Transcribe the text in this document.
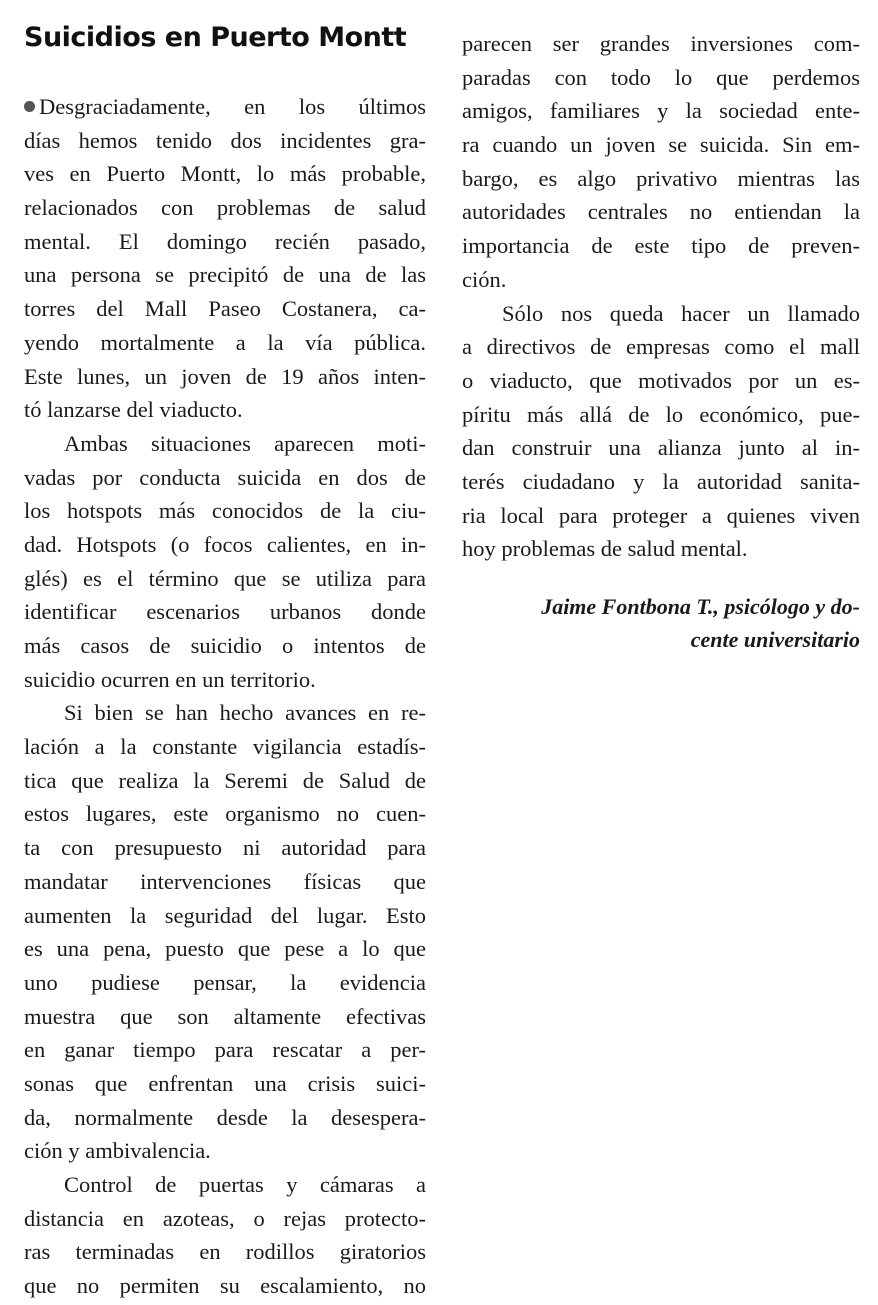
Suicidios en Puerto Montt
Desgraciadamente, en los últimos
días hemos tenido dos incidentes gra-
ves en Puerto Montt, lo más probable,
relacionados con problemas de salud
mental. El domingo recién pasado,
una persona se precipitó de una de las
torres del Mall Paseo Costanera, ca-
yendo mortalmente a la vía pública.
Este lunes, un joven de 19 años inten-
tó lanzarse del viaducto.
Ambas situaciones aparecen moti-
vadas por conducta suicida en dos de
los hotspots más conocidos de la ciu-
dad. Hotspots (o focos calientes, en in-
glés) es el término que se utiliza para
identificar escenarios urbanos donde
más casos de suicidio o intentos de
suicidio ocurren en un territorio.
Si bien se han hecho avances en re-
lación a la constante vigilancia estadís-
tica que realiza la Seremi de Salud de
estos lugares, este organismo no cuen-
ta con presupuesto ni autoridad para
mandatar intervenciones físicas que
aumenten la seguridad del lugar. Esto
es una pena, puesto que pese a lo que
uno pudiese pensar, la evidencia
muestra que son altamente efectivas
en ganar tiempo para rescatar a per-
sonas que enfrentan una crisis suici-
da, normalmente desde la desespera-
ción y ambivalencia.
Control de puertas y cámaras a
distancia en azoteas, o rejas protecto-
ras terminadas en rodillos giratorios
que no permiten su escalamiento, no
parecen ser grandes inversiones com-
paradas con todo lo que perdemos
amigos, familiares y la sociedad ente-
ra cuando un joven se suicida. Sin em-
bargo, es algo privativo mientras las
autoridades centrales no entiendan la
importancia de este tipo de preven-
ción.
Sólo nos queda hacer un llamado
a directivos de empresas como el mall
o viaducto, que motivados por un es-
píritu más allá de lo económico, pue-
dan construir una alianza junto al in-
terés ciudadano y la autoridad sanita-
ria local para proteger a quienes viven
hoy problemas de salud mental.
Jaime Fontbona T., psicólogo y do-
cente universitario
